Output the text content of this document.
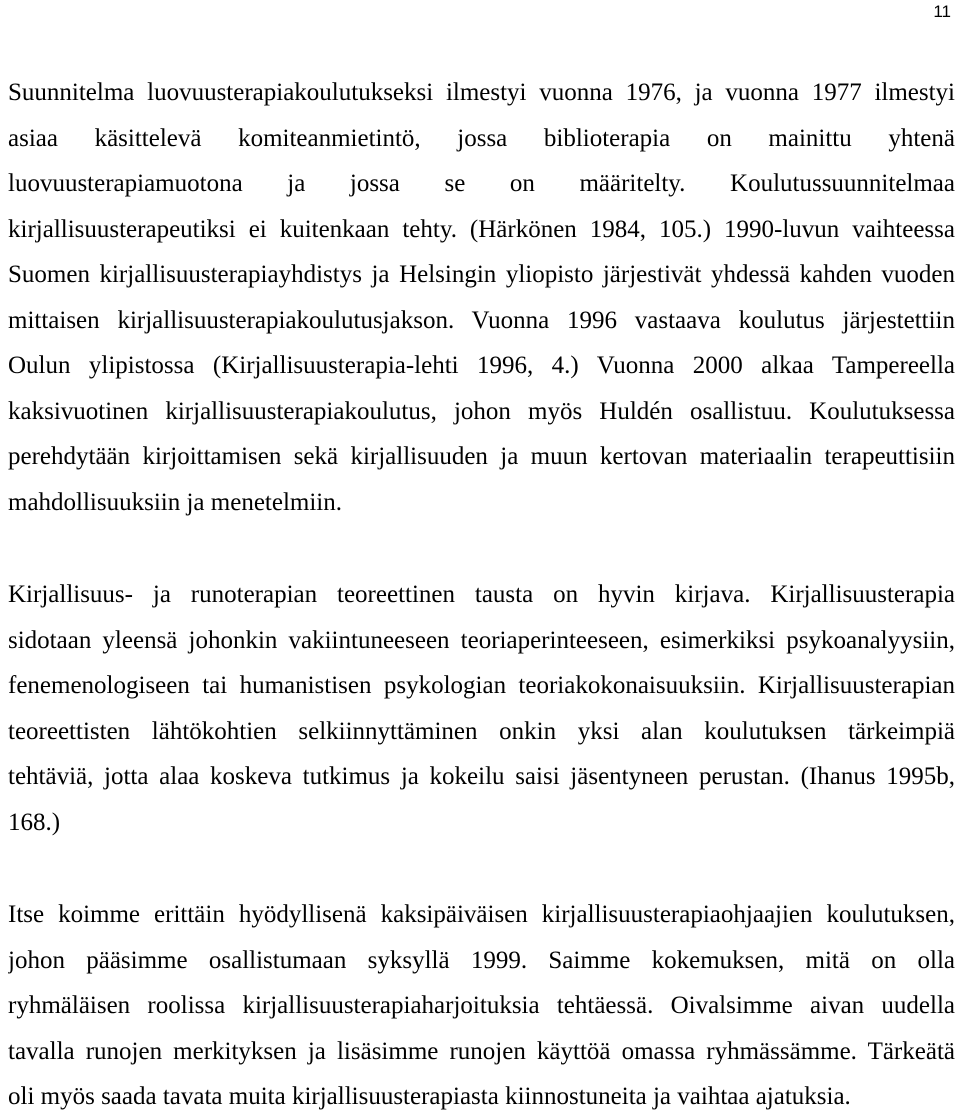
11
Suunnitelma luovuusterapiakoulutukseksi ilmestyi vuonna 1976, ja vuonna 1977 ilmestyi
asiaa käsittelevä komiteanmietintö, jossa biblioterapia on mainittu yhtenä
luovuusterapiamuotona ja jossa se on määritelty. Koulutussuunnitelmaa
kirjallisuusterapeutiksi ei kuitenkaan tehty. (Härkönen 1984, 105.) 1990-luvun vaihteessa
Suomen kirjallisuusterapiayhdistys ja Helsingin yliopisto järjestivät yhdessä kahden vuoden
mittaisen kirjallisuusterapiakoulutusjakson. Vuonna 1996 vastaava koulutus järjestettiin
Oulun ylipistossa (Kirjallisuusterapia-lehti 1996, 4.) Vuonna 2000 alkaa Tampereella
kaksivuotinen kirjallisuusterapiakoulutus, johon myös Huldén osallistuu. Koulutuksessa
perehdytään kirjoittamisen sekä kirjallisuuden ja muun kertovan materiaalin terapeuttisiin
mahdollisuuksiin ja menetelmiin.
Kirjallisuus- ja runoterapian teoreettinen tausta on hyvin kirjava. Kirjallisuusterapia
sidotaan yleensä johonkin vakiintuneeseen teoriaperinteeseen, esimerkiksi psykoanalyysiin,
fenemenologiseen tai humanistisen psykologian teoriakokonaisuuksiin. Kirjallisuusterapian
teoreettisten lähtökohtien selkiinnyttäminen onkin yksi alan koulutuksen tärkeimpiä
tehtäviä, jotta alaa koskeva tutkimus ja kokeilu saisi jäsentyneen perustan. (Ihanus 1995b,
168.)
Itse koimme erittäin hyödyllisenä kaksipäiväisen kirjallisuusterapiaohjaajien koulutuksen,
johon pääsimme osallistumaan syksyllä 1999. Saimme kokemuksen, mitä on olla
ryhmäläisen roolissa kirjallisuusterapiaharjoituksia tehtäessä. Oivalsimme aivan uudella
tavalla runojen merkityksen ja lisäsimme runojen käyttöä omassa ryhmässämme. Tärkeätä
oli myös saada tavata muita kirjallisuusterapiasta kiinnostuneita ja vaihtaa ajatuksia.
